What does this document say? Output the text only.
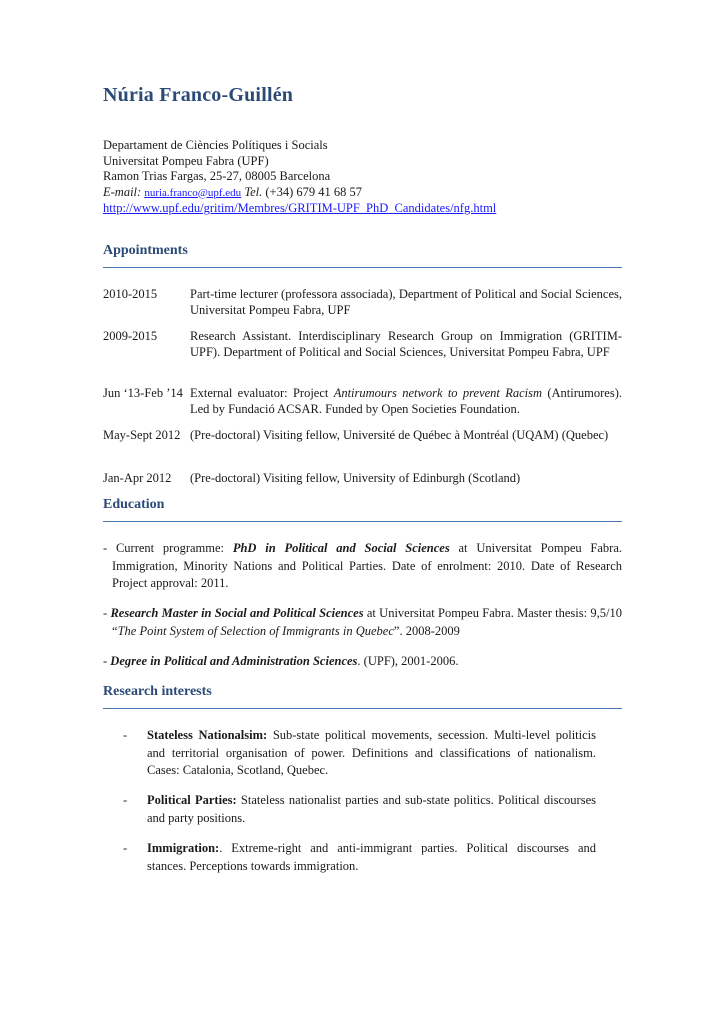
Núria Franco-Guillén
Departament de Ciències Polítiques i Socials
Universitat Pompeu Fabra (UPF)
Ramon Trias Fargas, 25-27, 08005 Barcelona
E-mail: nuria.franco@upf.edu Tel. (+34) 679 41 68 57
http://www.upf.edu/gritim/Membres/GRITIM-UPF_PhD_Candidates/nfg.html
Appointments
2010-2015	Part-time lecturer (professora associada), Department of Political and Social Sciences, Universitat Pompeu Fabra, UPF
2009-2015	Research Assistant. Interdisciplinary Research Group on Immigration (GRITIM-UPF). Department of Political and Social Sciences, Universitat Pompeu Fabra, UPF
Jun ‘13-Feb ’14 External evaluator: Project Antirumours network to prevent Racism (Antirumores). Led by Fundació ACSAR. Funded by Open Societies Foundation.
May-Sept 2012 (Pre-doctoral) Visiting fellow, Université de Québec à Montréal (UQAM) (Quebec)
Jan-Apr 2012	(Pre-doctoral) Visiting fellow, University of Edinburgh (Scotland)
Education
- Current programme: PhD in Political and Social Sciences at Universitat Pompeu Fabra. Immigration, Minority Nations and Political Parties. Date of enrolment: 2010. Date of Research Project approval: 2011.
- Research Master in Social and Political Sciences at Universitat Pompeu Fabra. Master thesis: 9,5/10 “The Point System of Selection of Immigrants in Quebec”. 2008-2009
- Degree in Political and Administration Sciences. (UPF), 2001-2006.
Research interests
- Stateless Nationalsim: Sub-state political movements, secession. Multi-level politicis and territorial organisation of power. Definitions and classifications of nationalism. Cases: Catalonia, Scotland, Quebec.
- Political Parties: Stateless nationalist parties and sub-state politics. Political discourses and party positions.
- Immigration:. Extreme-right and anti-immigrant parties. Political discourses and stances. Perceptions towards immigration.
